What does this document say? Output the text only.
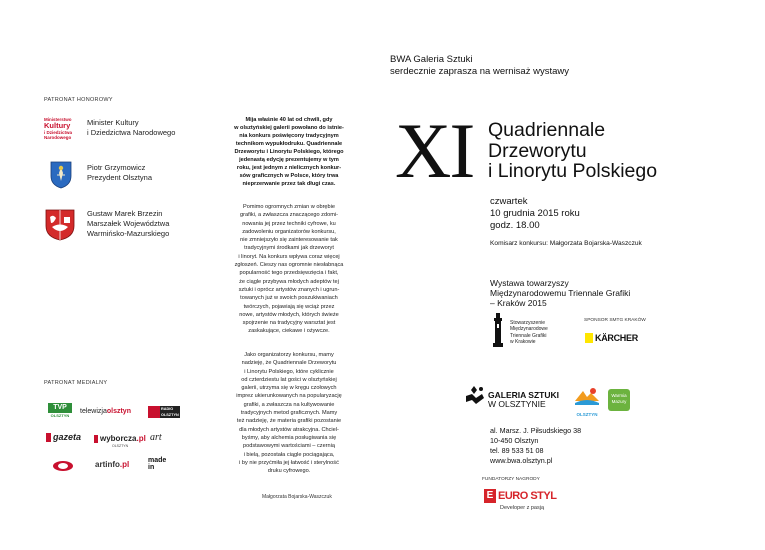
PATRONAT HONOROWY
Ministerstwo
Kultury
i Dziedzictwa
Narodowego
Minister Kultury
i Dziedzictwa Narodowego
Piotr Grzymowicz
Prezydent Olsztyna
Gustaw Marek Brzezin
Marszałek Województwa
Warmińsko-Mazurskiego
PATRONAT MEDIALNY
TVP
OLSZTYN
telewizjaolsztyn	RADIO
OLSZTYN
gazeta wyborcza .pl
OLSZTYN
art
artinfo.pl	made
in
Mija właśnie 40 lat od chwili, gdy
w olsztyńskiej galerii powołano do istnie-
nia konkurs poświęcony tradycyjnym
technikom wypukłodruku. Quadriennale
Drzeworytu i Linorytu Polskiego, którego
jedenastą edycję prezentujemy w tym
roku, jest jednym z nielicznych konkur-
sów graficznych w Polsce, który trwa
nieprzerwanie przez tak długi czas.
Pomimo ogromnych zmian w obrębie
grafiki, a zwłaszcza znaczącego zdomi-
nowania jej przez techniki cyfrowe, ku
zadowoleniu organizatorów konkursu,
nie zmniejszyło się zainteresowanie tak
tradycyjnymi środkami jak drzeworyt
i linoryt. Na konkurs wpływa coraz więcej
zgłoszeń. Cieszy nas ogromnie niesłabnąca
popularność tego przedsięwzięcia i fakt,
że ciągle przybywa młodych adeptów tej
sztuki i oprócz artystów znanych i ugrun-
towanych już w swoich poszukiwaniach
twórczych, pojawiają się wciąż przez
nowe, artystów młodych, których świeże
spojrzenie na tradycyjny warsztat jest
zaskakujące, ciekawe i ożywcze.
Jako organizatorzy konkursu, mamy
nadzieję, że Quadriennale Drzeworytu
i Linorytu Polskiego, które cyklicznie
od czterdziestu lat gości w olsztyńskiej
galerii, utrzyma się w kręgu czołowych
imprez ukierunkowanych na popularyzację
grafiki, a zwłaszcza na kultywowanie
tradycyjnych metod graficznych. Mamy
też nadzieję, że materia grafiki pozostanie
dla młodych artystów atrakcyjna. Chciel-
byśmy, aby alchemia posługiwania się
podstawowymi wartościami – czernią
i bielą, pozostała ciągle pociągająca,
i by nie przyćmiła jej łatwość i sterylność
druku cyfrowego.
Małgorzata Bojarska-Waszczuk
BWA Galeria Sztuki
serdecznie zaprasza na wernisaż wystawy
XI Quadriennale
Drzeworytu
i Linorytu Polskiego
czwartek
10 grudnia 2015 roku
godz. 18.00
Komisarz konkursu: Małgorzata Bojarska-Waszczuk
Wystawa towarzyszy
Międzynarodowemu Triennale Grafiki
– Kraków 2015
Stowarzyszenie
Międzynarodowe
Triennale Grafiki
w Krakowie
SPONSOR SMTG KRAKÓW
KÄRCHER
GALERIA SZTUKI
W OLSZTYNIE
OLSZTYN
Warmia
Mazury
al. Marsz. J. Piłsudskiego 38
10-450 Olsztyn
tel. 89 533 51 08
www.bwa.olsztyn.pl
FUNDATORZY NAGRODY
E EURO STYL
Developer z pasją
